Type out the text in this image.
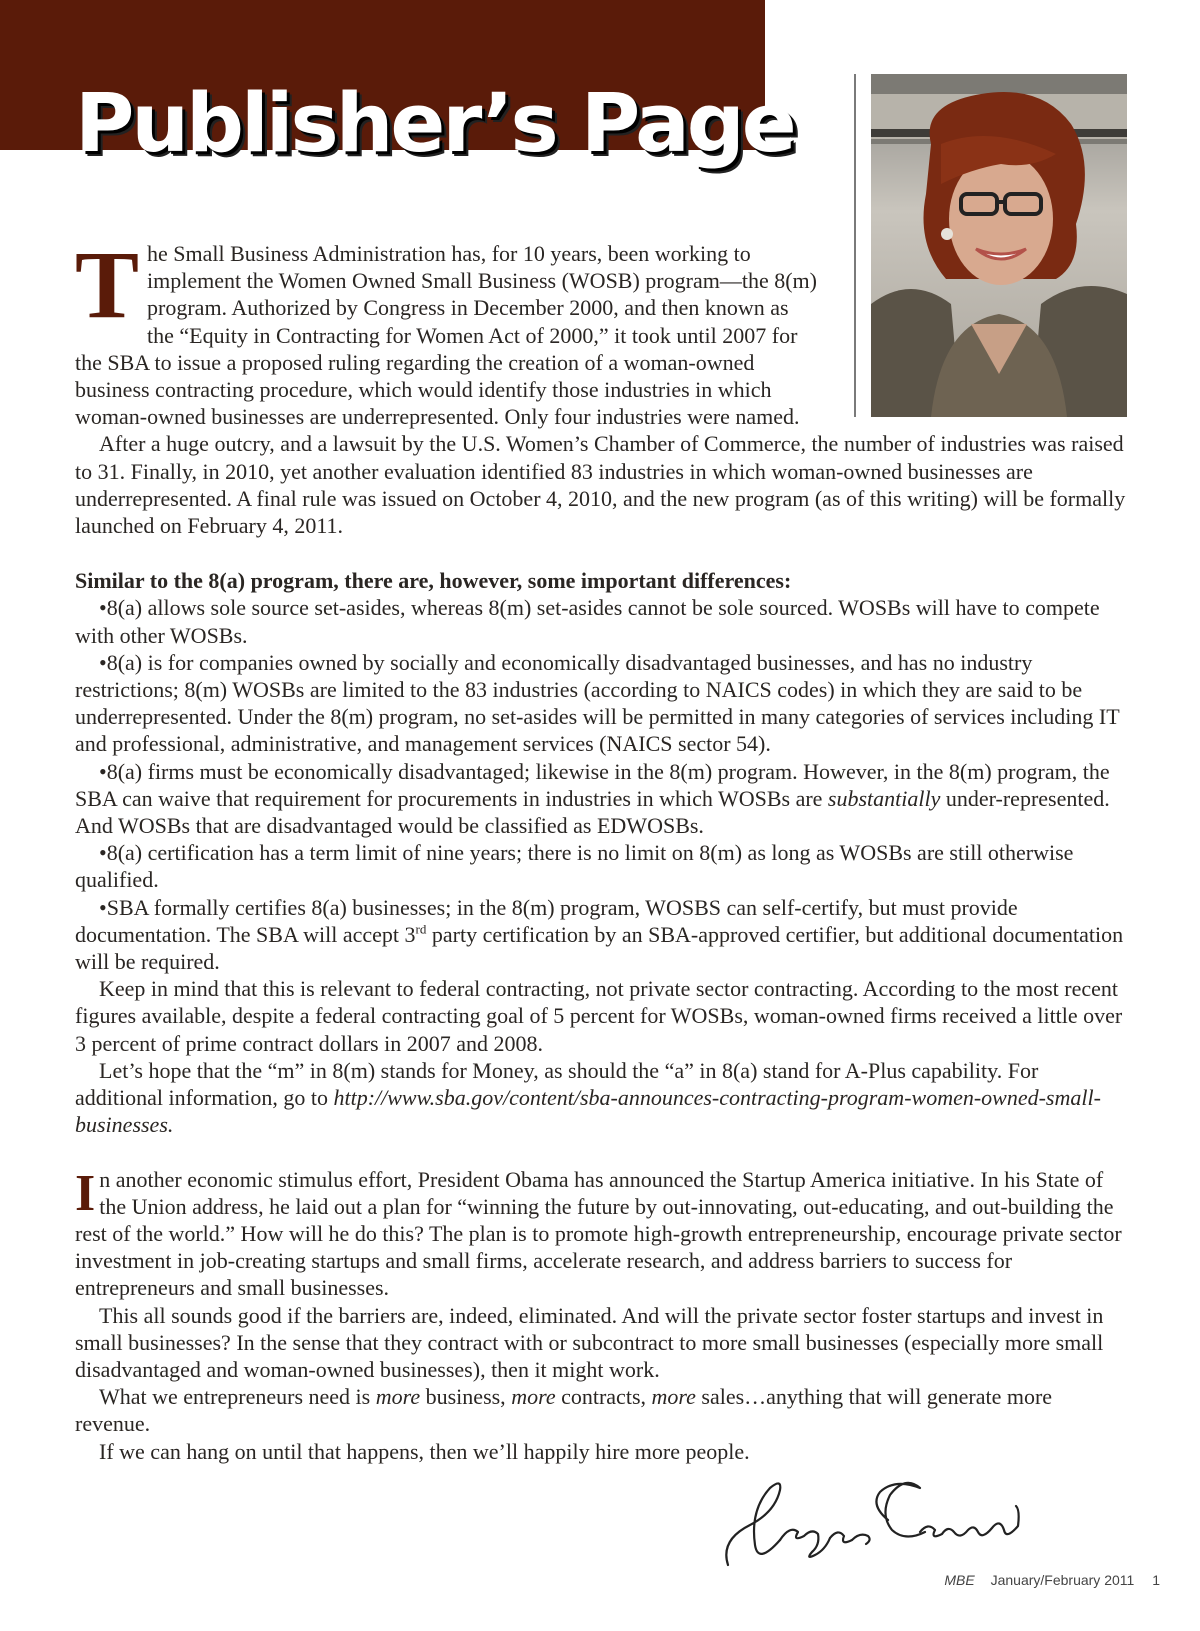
Publisher’s Page

The Small Business Administration has, for 10 years, been working to implement the Women Owned Small Business (WOSB) program—the 8(m) program. Authorized by Congress in December 2000, and then known as the “Equity in Contracting for Women Act of 2000,” it took until 2007 for the SBA to issue a proposed ruling regarding the creation of a woman-owned business contracting procedure, which would identify those industries in which woman-owned businesses are underrepresented. Only four industries were named.

After a huge outcry, and a lawsuit by the U.S. Women’s Chamber of Commerce, the number of industries was raised to 31. Finally, in 2010, yet another evaluation identified 83 industries in which woman-owned businesses are underrepresented. A final rule was issued on October 4, 2010, and the new program (as of this writing) will be formally launched on February 4, 2011.

Similar to the 8(a) program, there are, however, some important differences:

•8(a) allows sole source set-asides, whereas 8(m) set-asides cannot be sole sourced. WOSBs will have to compete with other WOSBs.

•8(a) is for companies owned by socially and economically disadvantaged businesses, and has no industry restrictions; 8(m) WOSBs are limited to the 83 industries (according to NAICS codes) in which they are said to be underrepresented. Under the 8(m) program, no set-asides will be permitted in many categories of services including IT and professional, administrative, and management services (NAICS sector 54).

•8(a) firms must be economically disadvantaged; likewise in the 8(m) program. However, in the 8(m) program, the SBA can waive that requirement for procurements in industries in which WOSBs are substantially under-represented. And WOSBs that are disadvantaged would be classified as EDWOSBs.

•8(a) certification has a term limit of nine years; there is no limit on 8(m) as long as WOSBs are still otherwise qualified.

•SBA formally certifies 8(a) businesses; in the 8(m) program, WOSBS can self-certify, but must provide documentation. The SBA will accept 3rd party certification by an SBA-approved certifier, but additional documentation will be required.

Keep in mind that this is relevant to federal contracting, not private sector contracting. According to the most recent figures available, despite a federal contracting goal of 5 percent for WOSBs, woman-owned firms received a little over 3 percent of prime contract dollars in 2007 and 2008.

Let’s hope that the “m” in 8(m) stands for Money, as should the “a” in 8(a) stand for A-Plus capability. For additional information, go to http://www.sba.gov/content/sba-announces-contracting-program-women-owned-small-businesses.

In another economic stimulus effort, President Obama has announced the Startup America initiative. In his State of the Union address, he laid out a plan for “winning the future by out-innovating, out-educating, and out-building the rest of the world.” How will he do this? The plan is to promote high-growth entrepreneurship, encourage private sector investment in job-creating startups and small firms, accelerate research, and address barriers to success for entrepreneurs and small businesses.

This all sounds good if the barriers are, indeed, eliminated. And will the private sector foster startups and invest in small businesses? In the sense that they contract with or subcontract to more small businesses (especially more small disadvantaged and woman-owned businesses), then it might work.

What we entrepreneurs need is more business, more contracts, more sales…anything that will generate more revenue.

If we can hang on until that happens, then we’ll happily hire more people.

MBE January/February 2011 1
